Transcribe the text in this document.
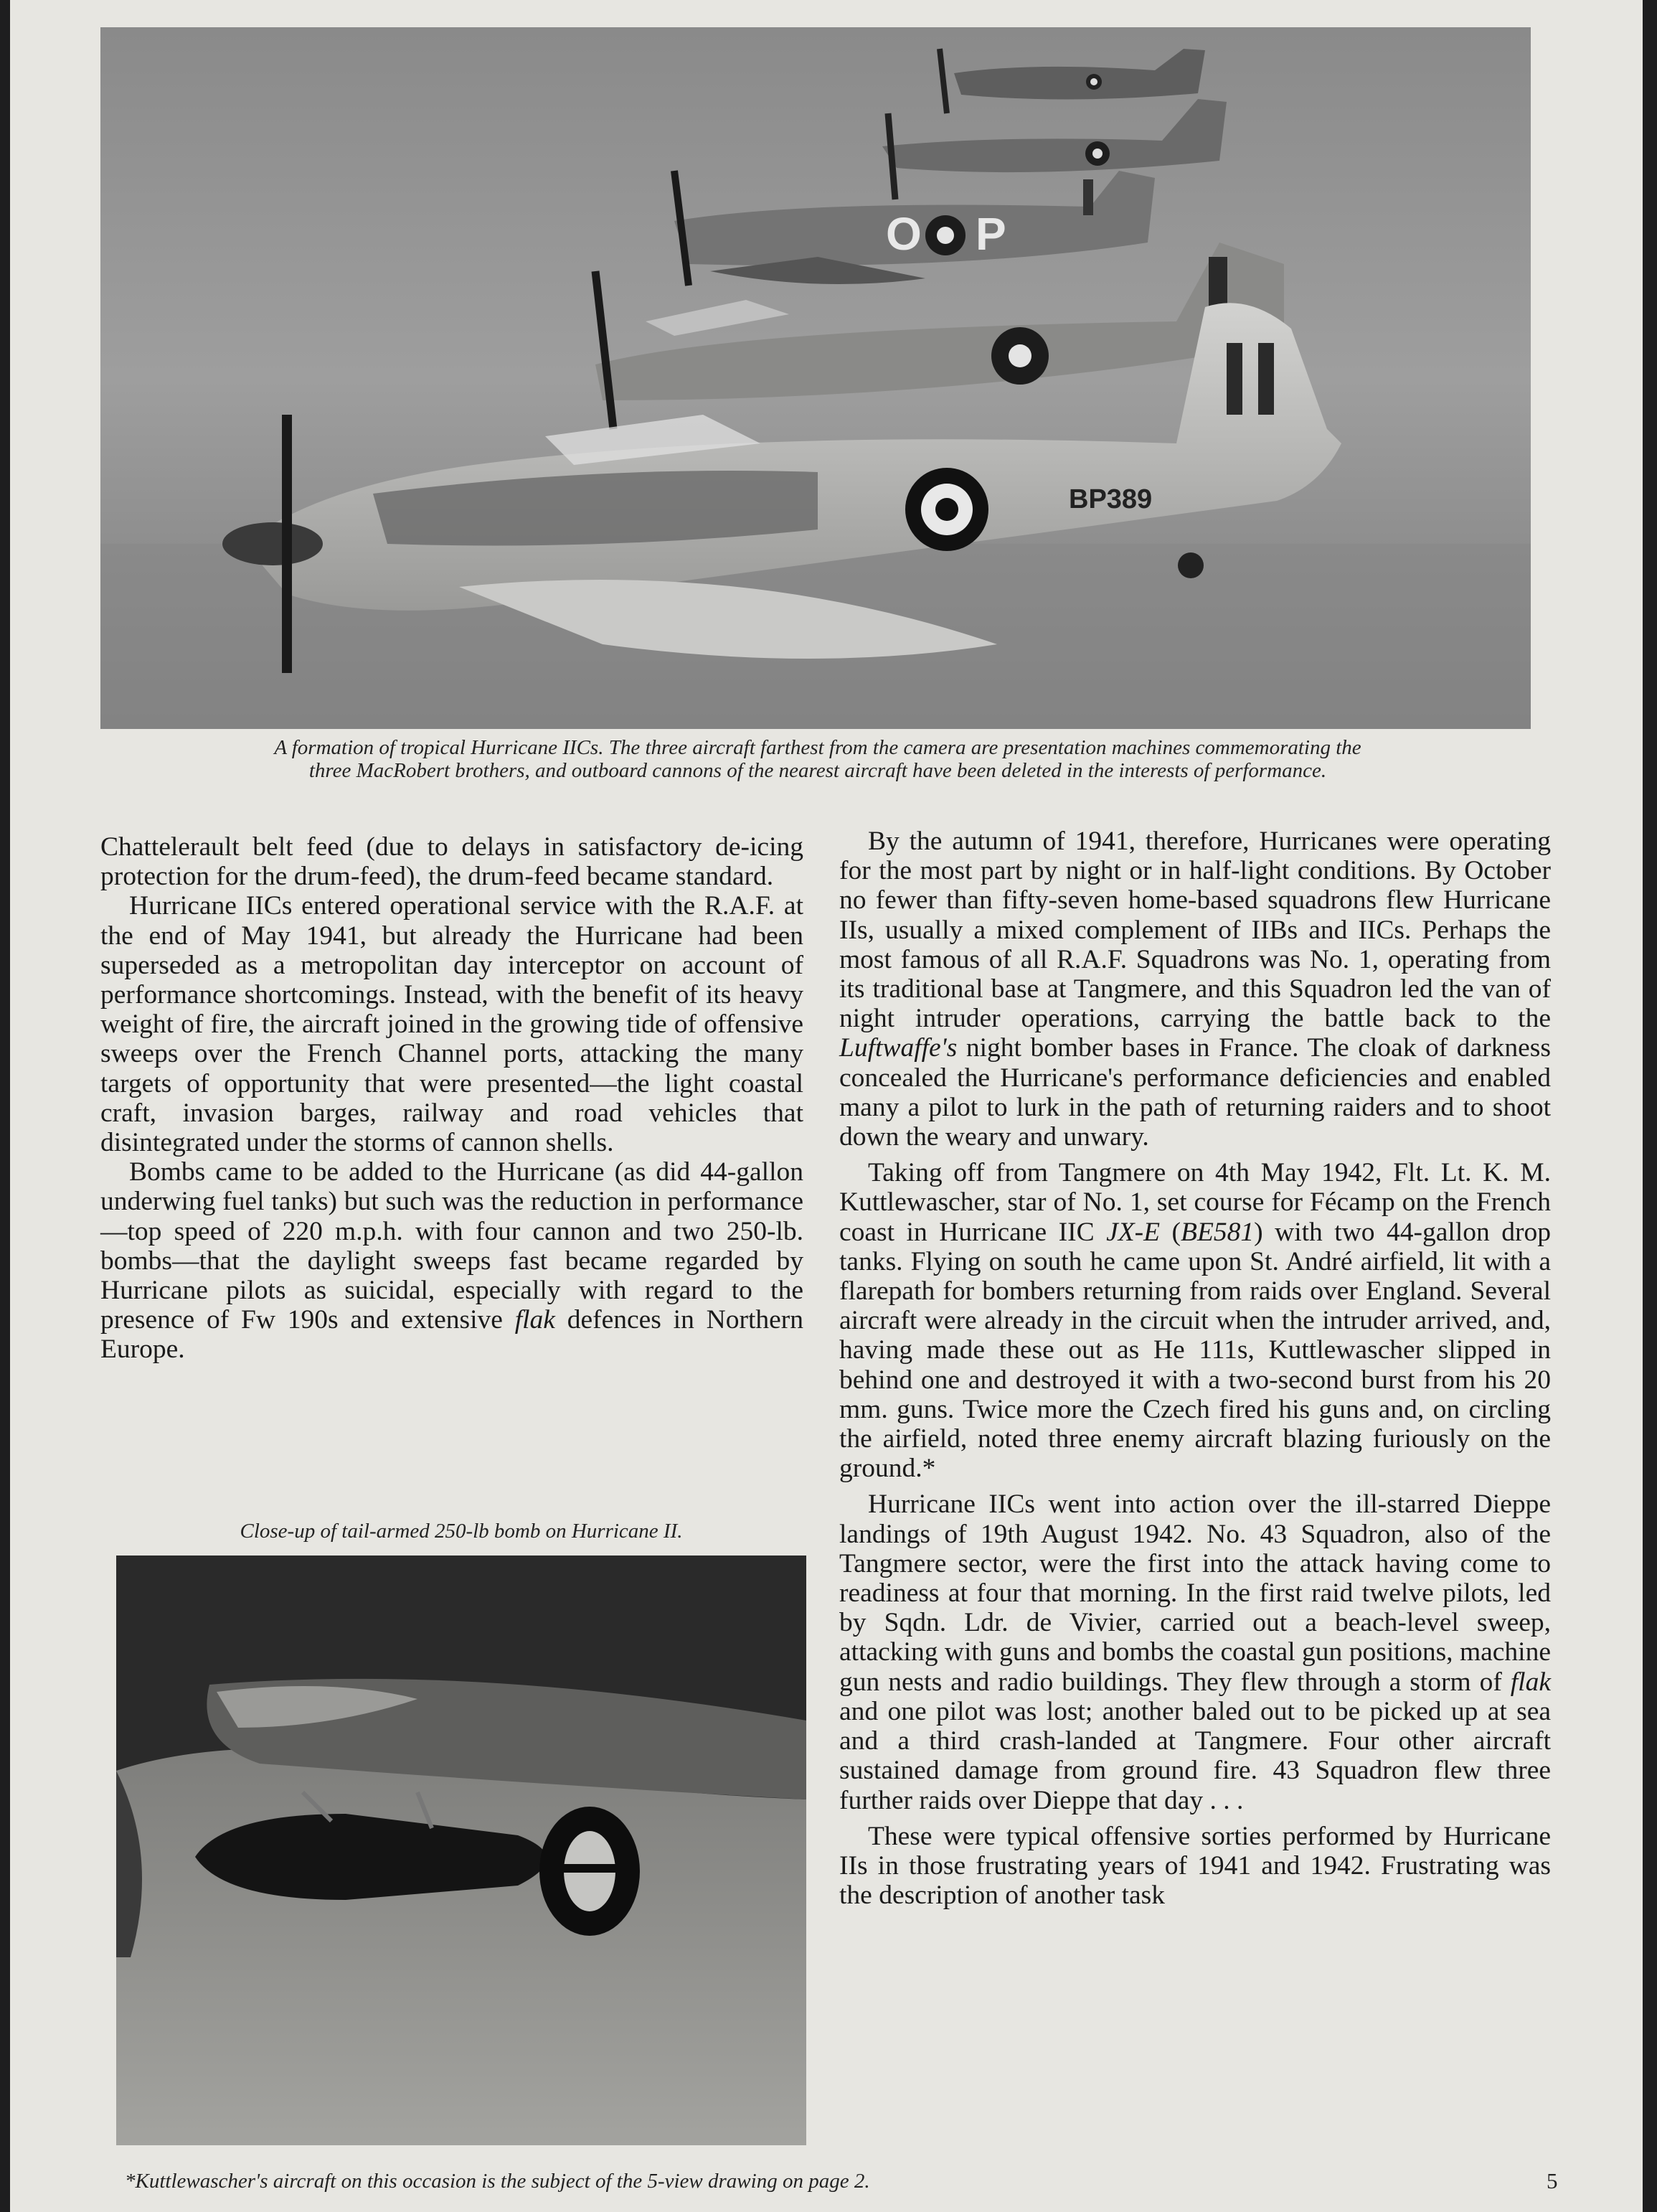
O P
BP389
A formation of tropical Hurricane IICs. The three aircraft farthest from the camera are presentation machines commemorating the
three MacRobert brothers, and outboard cannons of the nearest aircraft have been deleted in the interests of performance.

Chattelerault belt feed (due to delays in satisfactory de-icing protection for the drum-feed), the drum-feed became standard.

Hurricane IICs entered operational service with the R.A.F. at the end of May 1941, but already the Hurricane had been superseded as a metropolitan day interceptor on account of performance shortcomings. Instead, with the benefit of its heavy weight of fire, the aircraft joined in the growing tide of offensive sweeps over the French Channel ports, attacking the many targets of opportunity that were presented—the light coastal craft, invasion barges, railway and road vehicles that disintegrated under the storms of cannon shells.

Bombs came to be added to the Hurricane (as did 44-gallon underwing fuel tanks) but such was the reduction in performance—top speed of 220 m.p.h. with four cannon and two 250-lb. bombs—that the daylight sweeps fast became regarded by Hurricane pilots as suicidal, especially with regard to the presence of Fw 190s and extensive flak defences in Northern Europe.

Close-up of tail-armed 250-lb bomb on Hurricane II.

By the autumn of 1941, therefore, Hurricanes were operating for the most part by night or in half-light conditions. By October no fewer than fifty-seven home-based squadrons flew Hurricane IIs, usually a mixed complement of IIBs and IICs. Perhaps the most famous of all R.A.F. Squadrons was No. 1, operating from its traditional base at Tangmere, and this Squadron led the van of night intruder operations, carrying the battle back to the Luftwaffe's night bomber bases in France. The cloak of darkness concealed the Hurricane's performance deficiencies and enabled many a pilot to lurk in the path of returning raiders and to shoot down the weary and unwary.

Taking off from Tangmere on 4th May 1942, Flt. Lt. K. M. Kuttlewascher, star of No. 1, set course for Fécamp on the French coast in Hurricane IIC JX-E (BE581) with two 44-gallon drop tanks. Flying on south he came upon St. André airfield, lit with a flarepath for bombers returning from raids over England. Several aircraft were already in the circuit when the intruder arrived, and, having made these out as He 111s, Kuttlewascher slipped in behind one and destroyed it with a two-second burst from his 20 mm. guns. Twice more the Czech fired his guns and, on circling the airfield, noted three enemy aircraft blazing furiously on the ground.*

Hurricane IICs went into action over the ill-starred Dieppe landings of 19th August 1942. No. 43 Squadron, also of the Tangmere sector, were the first into the attack having come to readiness at four that morning. In the first raid twelve pilots, led by Sqdn. Ldr. de Vivier, carried out a beach-level sweep, attacking with guns and bombs the coastal gun positions, machine gun nests and radio buildings. They flew through a storm of flak and one pilot was lost; another baled out to be picked up at sea and a third crash-landed at Tangmere. Four other aircraft sustained damage from ground fire. 43 Squadron flew three further raids over Dieppe that day . . .

These were typical offensive sorties performed by Hurricane IIs in those frustrating years of 1941 and 1942. Frustrating was the description of another task

*Kuttlewascher's aircraft on this occasion is the subject of the 5-view drawing on page 2.	5
